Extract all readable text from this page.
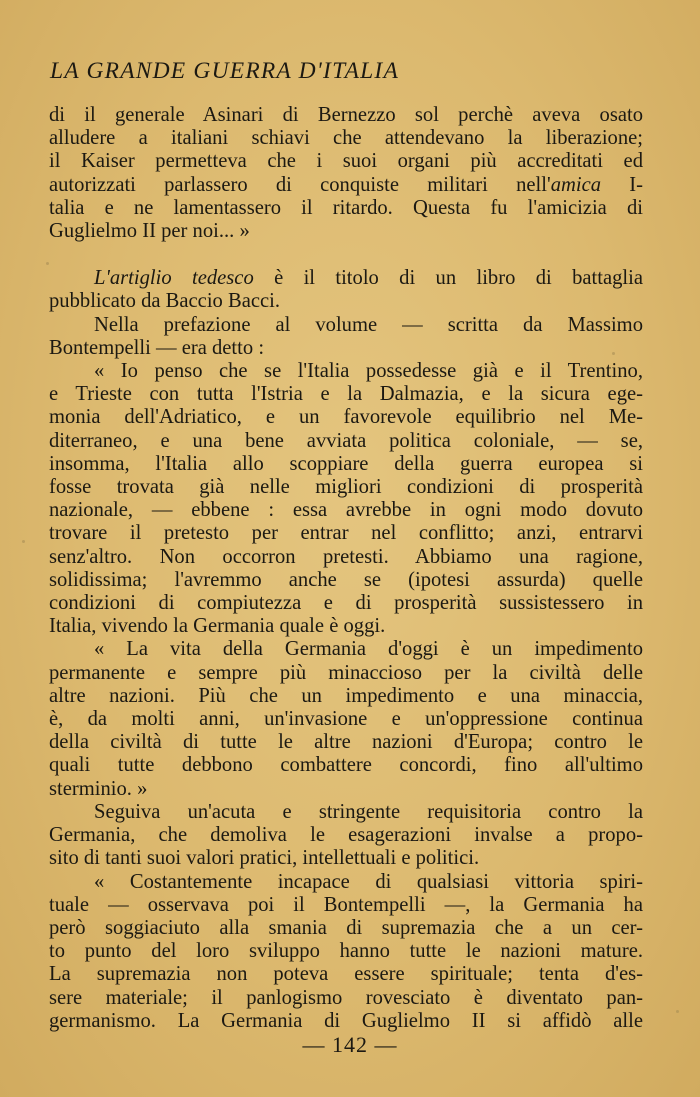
LA GRANDE GUERRA D'ITALIA
di il generale Asinari di Bernezzo sol perchè aveva osato
alludere a italiani schiavi che attendevano la liberazione;
il Kaiser permetteva che i suoi organi più accreditati ed
autorizzati parlassero di conquiste militari nell'amica I-
talia e ne lamentassero il ritardo. Questa fu l'amicizia di
Guglielmo II per noi... »
L'artiglio tedesco è il titolo di un libro di battaglia
pubblicato da Baccio Bacci.
Nella prefazione al volume — scritta da Massimo
Bontempelli — era detto :
« Io penso che se l'Italia possedesse già e il Trentino,
e Trieste con tutta l'Istria e la Dalmazia, e la sicura ege-
monia dell'Adriatico, e un favorevole equilibrio nel Me-
diterraneo, e una bene avviata politica coloniale, — se,
insomma, l'Italia allo scoppiare della guerra europea si
fosse trovata già nelle migliori condizioni di prosperità
nazionale, — ebbene : essa avrebbe in ogni modo dovuto
trovare il pretesto per entrar nel conflitto; anzi, entrarvi
senz'altro. Non occorron pretesti. Abbiamo una ragione,
solidissima; l'avremmo anche se (ipotesi assurda) quelle
condizioni di compiutezza e di prosperità sussistessero in
Italia, vivendo la Germania quale è oggi.
« La vita della Germania d'oggi è un impedimento
permanente e sempre più minaccioso per la civiltà delle
altre nazioni. Più che un impedimento e una minaccia,
è, da molti anni, un'invasione e un'oppressione continua
della civiltà di tutte le altre nazioni d'Europa; contro le
quali tutte debbono combattere concordi, fino all'ultimo
sterminio. »
Seguiva un'acuta e stringente requisitoria contro la
Germania, che demoliva le esagerazioni invalse a propo-
sito di tanti suoi valori pratici, intellettuali e politici.
« Costantemente incapace di qualsiasi vittoria spiri-
tuale — osservava poi il Bontempelli —, la Germania ha
però soggiaciuto alla smania di supremazia che a un cer-
to punto del loro sviluppo hanno tutte le nazioni mature.
La supremazia non poteva essere spirituale; tenta d'es-
sere materiale; il panlogismo rovesciato è diventato pan-
germanismo. La Germania di Guglielmo II si affidò alle
— 142 —
